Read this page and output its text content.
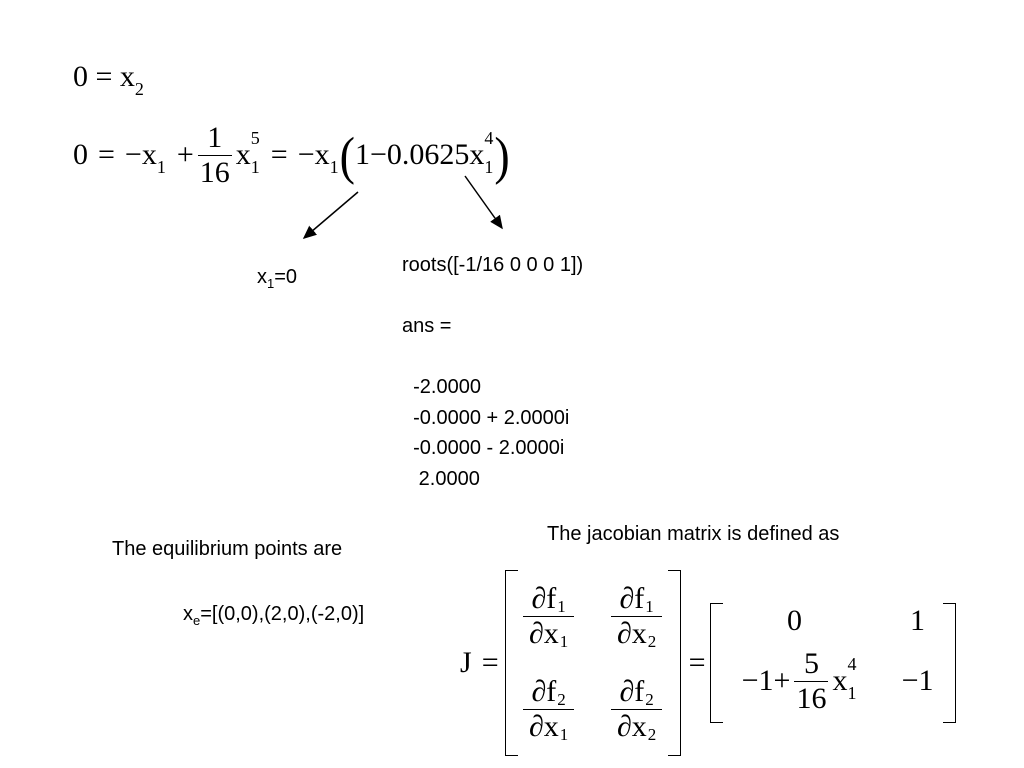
0 = x 2
0 = − x $1 + \frac{1}{16}$ x 5
1 = − x 1 ( 1 − 0.0625x 4
1 )
$x_1=0$
roots([-1/16 0 0 0 1])

ans =

-2.0000
-0.0000 + 2.0000i
-0.0000 - 2.0000i
2.0000
The equilibrium points are
$x_e=[(0,0),(2,0),(-2,0)]$
The jacobian matrix is defined as
J =
$\frac{\partial f 1}{\partial x 1} \frac{\partial f 1}{\partial x 2}$
$\frac{\partial f 2}{\partial x 1} \frac{\partial f 2}{\partial x 2}$
=
0	1
$-1+ \frac{5}{16}$ x 4
1 −1
